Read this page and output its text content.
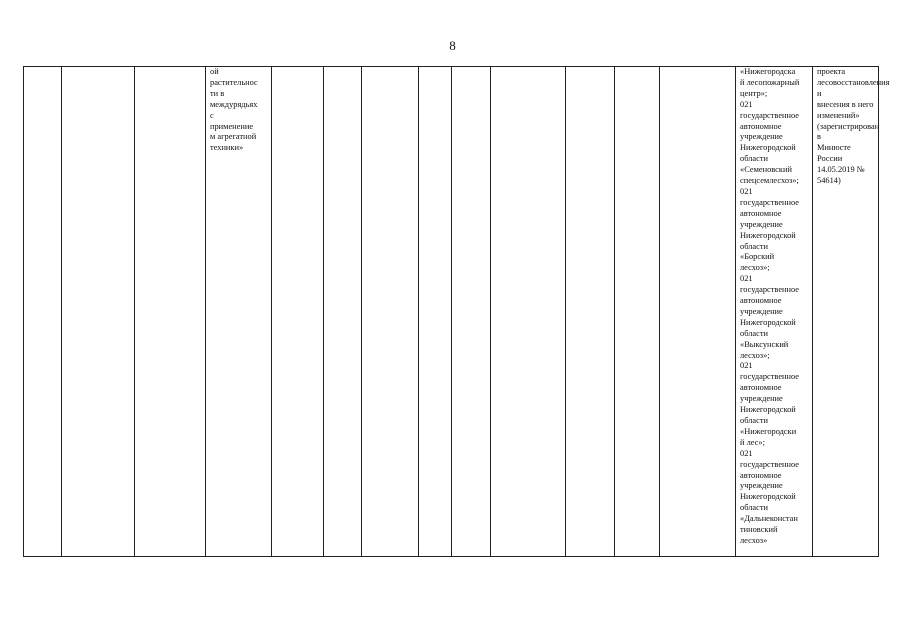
8
			ой
растительнос
ти в
междурядьях
с
применение
м агрегатной
техники»										«Нижегородска
й лесопожарный
центр»;
021
государственное
автономное
учреждение
Нижегородской
области
«Семеновский
спецсемлесхоз»;
021
государственное
автономное
учреждение
Нижегородской
области
«Борский
лесхоз»;
021
государственное
автономное
учреждение
Нижегородской
области
«Выксунский
лесхоз»;
021
государственное
автономное
учреждение
Нижегородской
области
«Нижегородски
й лес»;
021
государственное
автономное
учреждение
Нижегородской
области
«Дальнеконстан
тиновский
лесхоз»	проекта
лесовосстановления и
внесения в него
изменений»
(зарегистрирован в
Минюсте России
14.05.2019 № 54614)
